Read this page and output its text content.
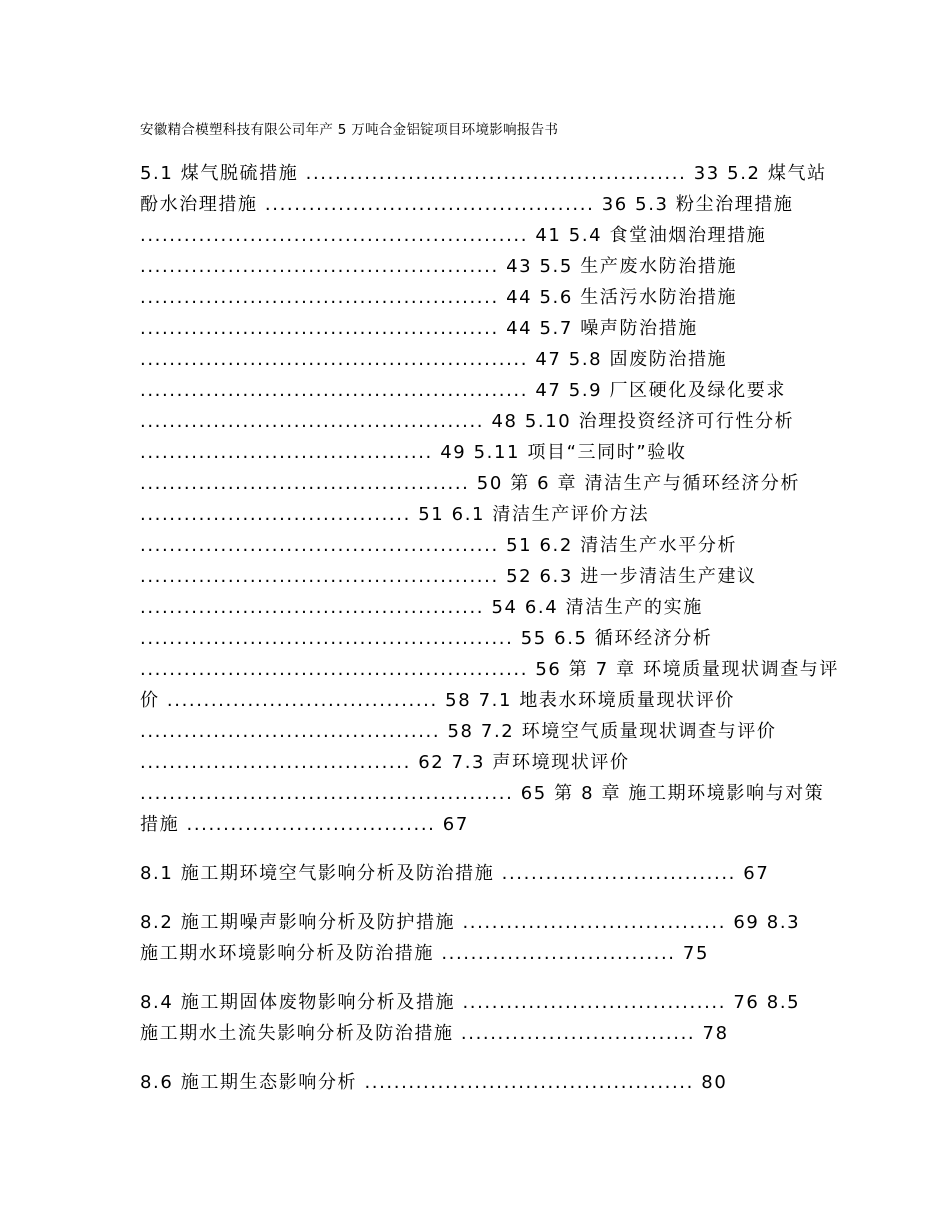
安徽精合模塑科技有限公司年产 5 万吨合金铝锭项目环境影响报告书
5.1 煤气脱硫措施 .................................................... 33 5.2 煤气站
酚水治理措施 ............................................. 36 5.3 粉尘治理措施
..................................................... 41 5.4 食堂油烟治理措施
................................................. 43 5.5 生产废水防治措施
................................................. 44 5.6 生活污水防治措施
................................................. 44 5.7 噪声防治措施
..................................................... 47 5.8 固废防治措施
..................................................... 47 5.9 厂区硬化及绿化要求
............................................... 48 5.10 治理投资经济可行性分析
........................................ 49 5.11 项目“三同时”验收
............................................. 50 第 6 章 清洁生产与循环经济分析
..................................... 51 6.1 清洁生产评价方法
................................................. 51 6.2 清洁生产水平分析
................................................. 52 6.3 进一步清洁生产建议
............................................... 54 6.4 清洁生产的实施
................................................... 55 6.5 循环经济分析
..................................................... 56 第 7 章 环境质量现状调查与评
价 ..................................... 58 7.1 地表水环境质量现状评价
......................................... 58 7.2 环境空气质量现状调查与评价
..................................... 62 7.3 声环境现状评价
................................................... 65 第 8 章 施工期环境影响与对策
措施 .................................. 67
8.1 施工期环境空气影响分析及防治措施 ................................ 67
8.2 施工期噪声影响分析及防护措施 .................................... 69 8.3
施工期水环境影响分析及防治措施 ................................ 75
8.4 施工期固体废物影响分析及措施 .................................... 76 8.5
施工期水土流失影响分析及防治措施 ................................ 78
8.6 施工期生态影响分析 ............................................. 80
